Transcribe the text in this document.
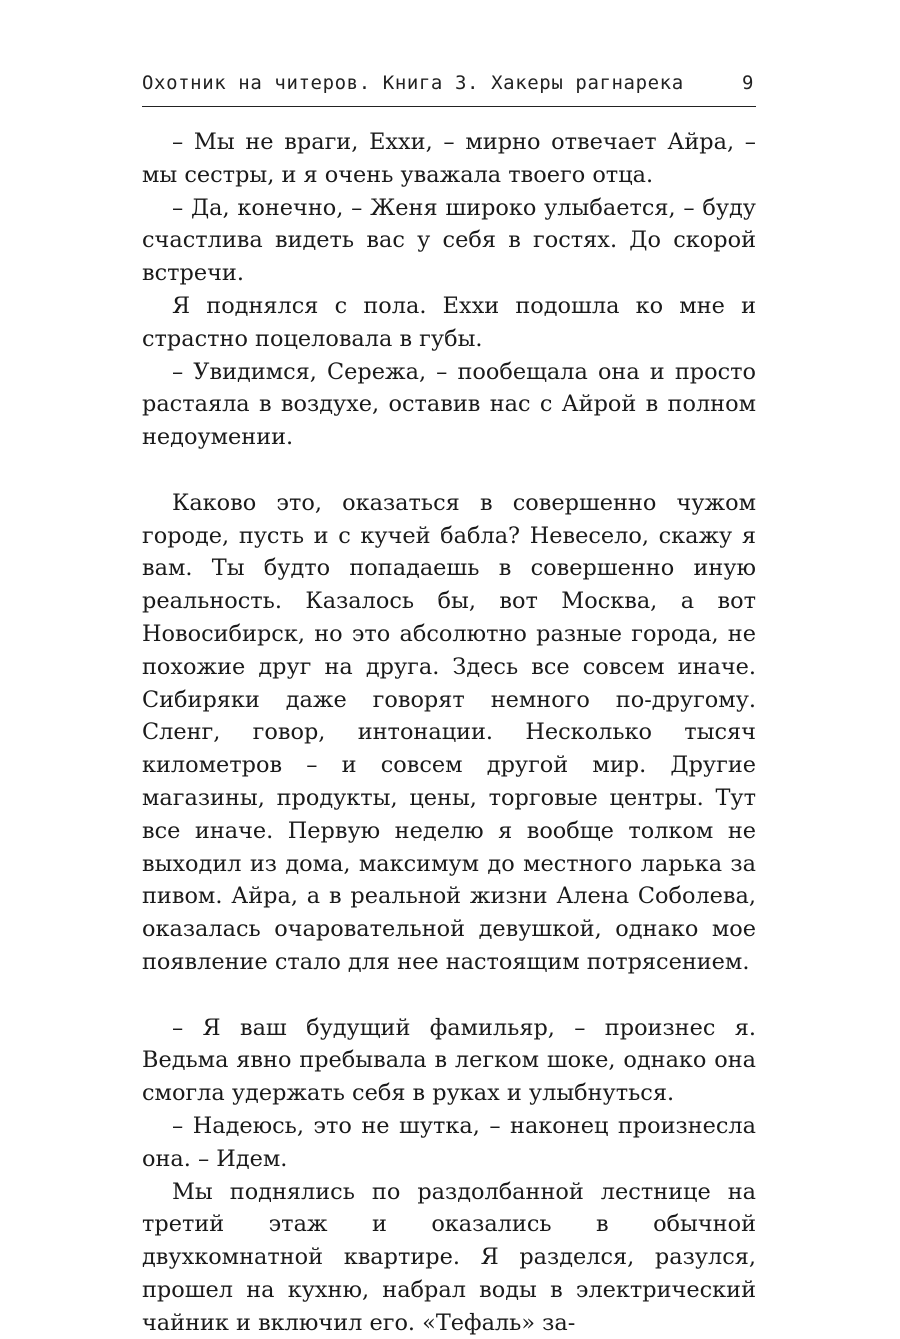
Охотник на читеров. Книга 3. Хакеры рагнарека	9

– Мы не враги, Ехxи, – мирно отвечает Айра, – мы сестры, и я очень уважала твоего отца.

– Да, конечно, – Женя широко улыбается, – буду счастлива видеть вас у себя в гостях. До скорой встречи.

Я поднялся с пола. Ехxи подошла ко мне и страстно поцеловала в губы.

– Увидимся, Сережа, – пообещала она и просто растаяла в воздухе, оставив нас с Айрой в полном недоумении.

Каково это, оказаться в совершенно чужом городе, пусть и с кучей бабла? Невесело, скажу я вам. Ты будто попадаешь в совершенно иную реальность. Казалось бы, вот Москва, а вот Новосибирск, но это абсолютно разные города, не похожие друг на друга. Здесь все совсем иначе. Сибиряки даже говорят немного по-другому. Сленг, говор, интонации. Несколько тысяч километров – и совсем другой мир. Другие магазины, продукты, цены, торговые центры. Тут все иначе. Первую неделю я вообще толком не выходил из дома, максимум до местного ларька за пивом. Айра, а в реальной жизни Алена Соболева, оказалась очаровательной девушкой, однако мое появление стало для нее настоящим потрясением.

– Я ваш будущий фамильяр, – произнес я. Ведьма явно пребывала в легком шоке, однако она смогла удержать себя в руках и улыбнуться.

– Надеюсь, это не шутка, – наконец произнесла она. – Идем.

Мы поднялись по раздолбанной лестнице на третий этаж и оказались в обычной двухкомнатной квартире. Я разделся, разулся, прошел на кухню, набрал воды в электрический чайник и включил его. «Тефаль» за-
